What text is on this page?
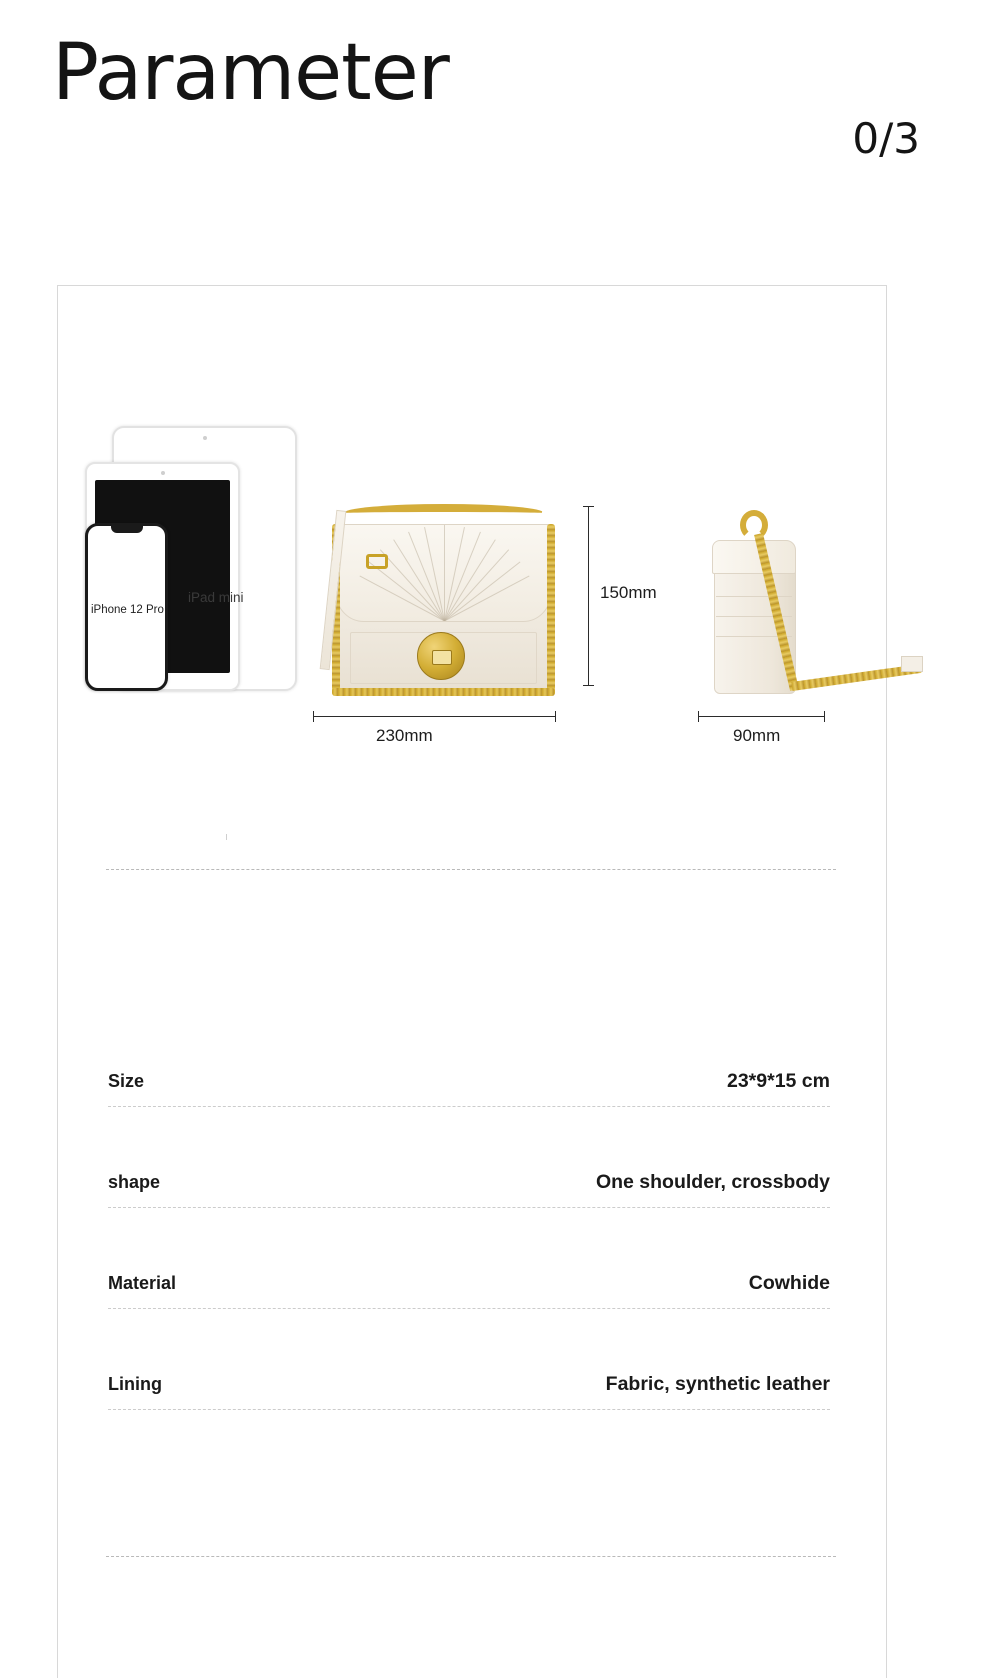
Parameter
0/3
iPad mini
iPhone 12 Pro
150mm
230mm	90mm
Size	23*9*15 cm
shape	One shoulder, crossbody
Material	Cowhide
Lining	Fabric, synthetic leather
